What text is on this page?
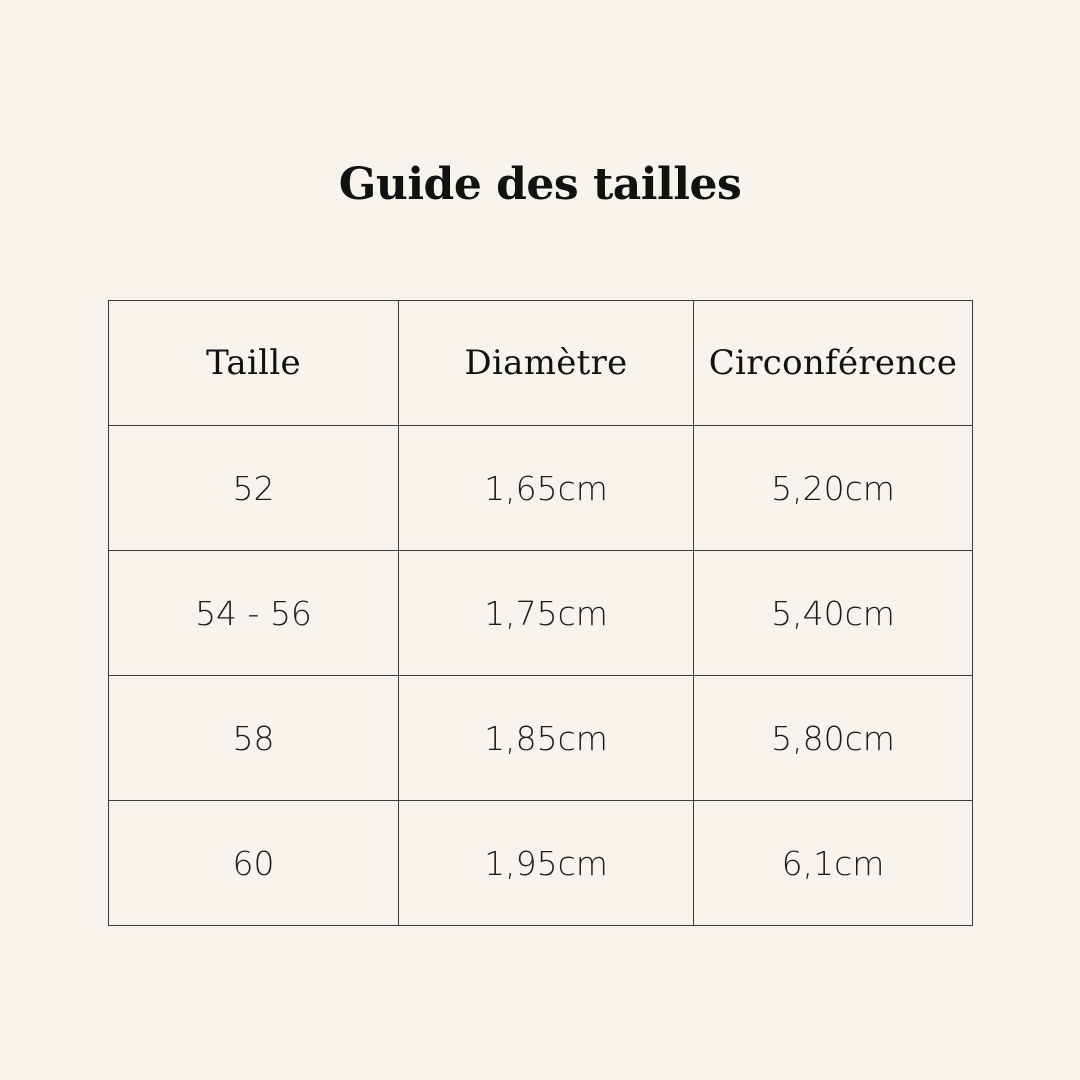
Guide des tailles
Taille	Diamètre	Circonférence
52	1,65cm	5,20cm
54 - 56	1,75cm	5,40cm
58	1,85cm	5,80cm
60	1,95cm	6,1cm
